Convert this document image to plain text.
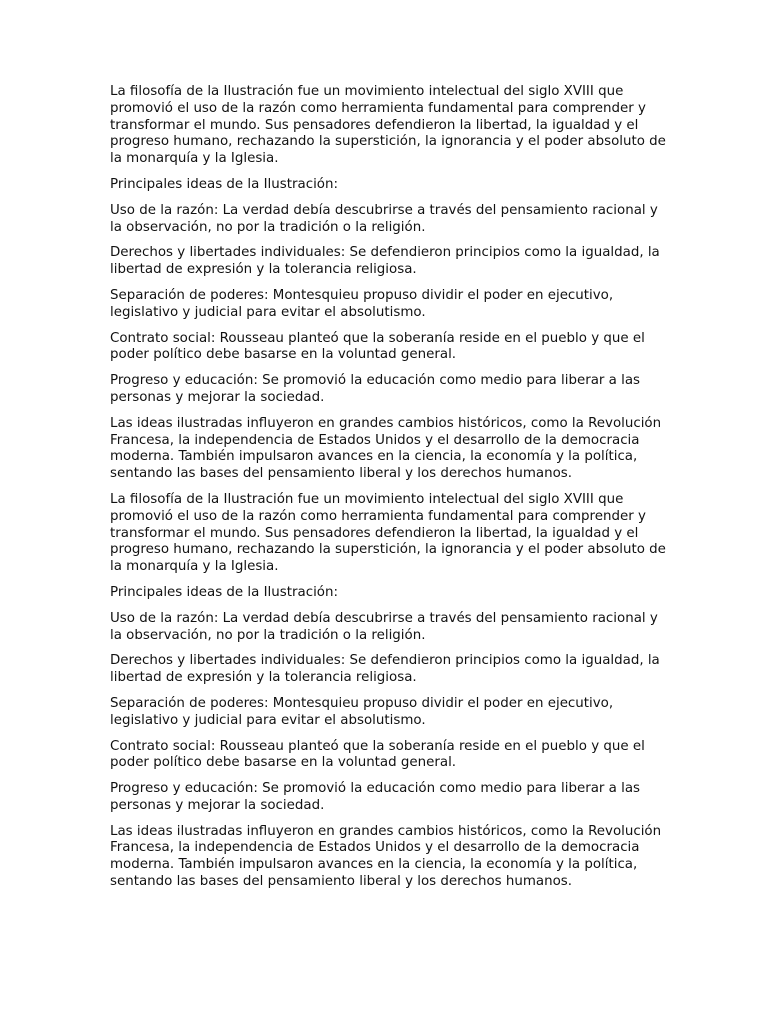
La filosofía de la Ilustración fue un movimiento intelectual del siglo XVIII que promovió el uso de la razón como herramienta fundamental para comprender y transformar el mundo. Sus pensadores defendieron la libertad, la igualdad y el progreso humano, rechazando la superstición, la ignorancia y el poder absoluto de la monarquía y la Iglesia.

Principales ideas de la Ilustración:

Uso de la razón: La verdad debía descubrirse a través del pensamiento racional y la observación, no por la tradición o la religión.

Derechos y libertades individuales: Se defendieron principios como la igualdad, la libertad de expresión y la tolerancia religiosa.

Separación de poderes: Montesquieu propuso dividir el poder en ejecutivo, legislativo y judicial para evitar el absolutismo.

Contrato social: Rousseau planteó que la soberanía reside en el pueblo y que el poder político debe basarse en la voluntad general.

Progreso y educación: Se promovió la educación como medio para liberar a las personas y mejorar la sociedad.

Las ideas ilustradas influyeron en grandes cambios históricos, como la Revolución Francesa, la independencia de Estados Unidos y el desarrollo de la democracia moderna. También impulsaron avances en la ciencia, la economía y la política, sentando las bases del pensamiento liberal y los derechos humanos.

La filosofía de la Ilustración fue un movimiento intelectual del siglo XVIII que promovió el uso de la razón como herramienta fundamental para comprender y transformar el mundo. Sus pensadores defendieron la libertad, la igualdad y el progreso humano, rechazando la superstición, la ignorancia y el poder absoluto de la monarquía y la Iglesia.

Principales ideas de la Ilustración:

Uso de la razón: La verdad debía descubrirse a través del pensamiento racional y la observación, no por la tradición o la religión.

Derechos y libertades individuales: Se defendieron principios como la igualdad, la libertad de expresión y la tolerancia religiosa.

Separación de poderes: Montesquieu propuso dividir el poder en ejecutivo, legislativo y judicial para evitar el absolutismo.

Contrato social: Rousseau planteó que la soberanía reside en el pueblo y que el poder político debe basarse en la voluntad general.

Progreso y educación: Se promovió la educación como medio para liberar a las personas y mejorar la sociedad.

Las ideas ilustradas influyeron en grandes cambios históricos, como la Revolución Francesa, la independencia de Estados Unidos y el desarrollo de la democracia moderna. También impulsaron avances en la ciencia, la economía y la política, sentando las bases del pensamiento liberal y los derechos humanos.
